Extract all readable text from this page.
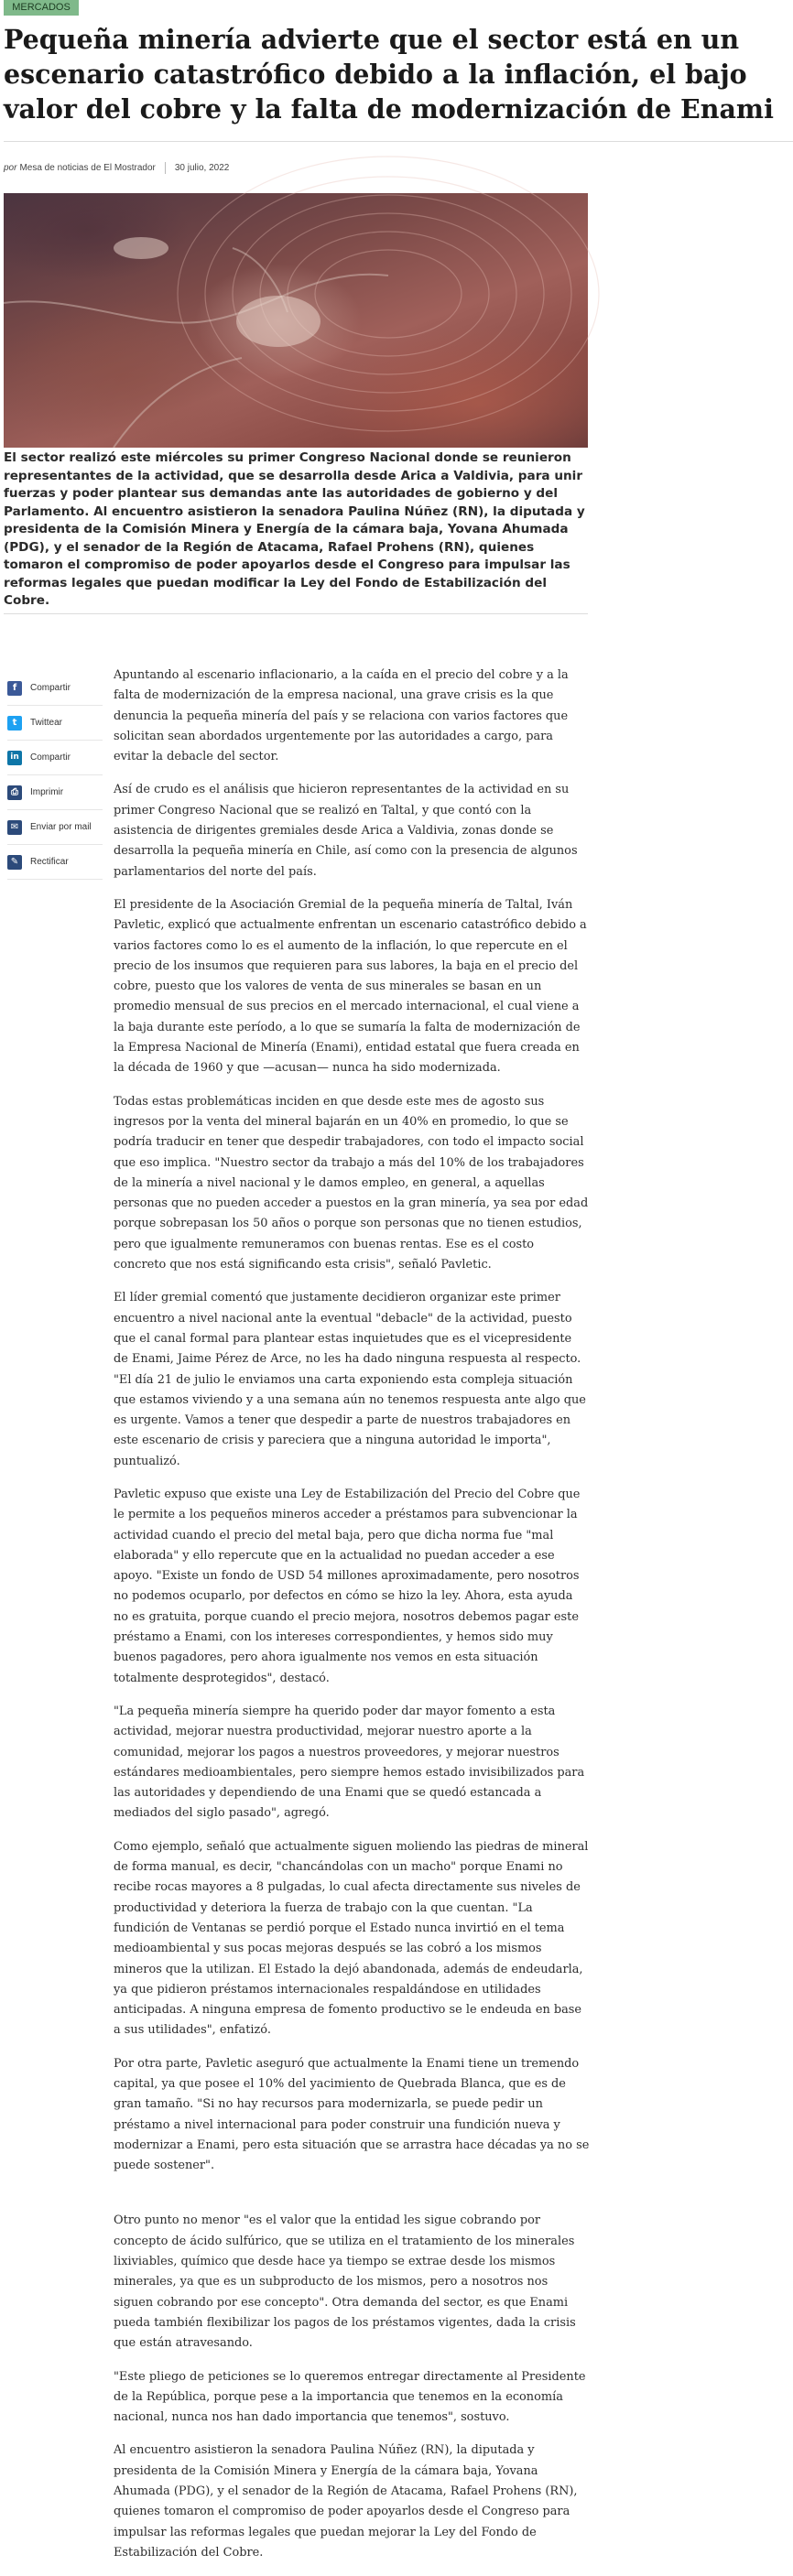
MERCADOS
Pequeña minería advierte que el sector está en un escenario catastrófico debido a la inflación, el bajo valor del cobre y la falta de modernización de Enami
por Mesa de noticias de El Mostrador 30 julio, 2022

El sector realizó este miércoles su primer Congreso Nacional donde se reunieron representantes de la actividad, que se desarrolla desde Arica a Valdivia, para unir fuerzas y poder plantear sus demandas ante las autoridades de gobierno y del Parlamento. Al encuentro asistieron la senadora Paulina Núñez (RN), la diputada y presidenta de la Comisión Minera y Energía de la cámara baja, Yovana Ahumada (PDG), y el senador de la Región de Atacama, Rafael Prohens (RN), quienes tomaron el compromiso de poder apoyarlos desde el Congreso para impulsar las reformas legales que puedan modificar la Ley del Fondo de Estabilización del Cobre.

f	Compartir
t	Twittear
in	Compartir
⎙	Imprimir
✉	Enviar por mail
✎	Rectificar

Apuntando al escenario inflacionario, a la caída en el precio del cobre y a la falta de modernización de la empresa nacional, una grave crisis es la que denuncia la pequeña minería del país y se relaciona con varios factores que solicitan sean abordados urgentemente por las autoridades a cargo, para evitar la debacle del sector.

Así de crudo es el análisis que hicieron representantes de la actividad en su primer Congreso Nacional que se realizó en Taltal, y que contó con la asistencia de dirigentes gremiales desde Arica a Valdivia, zonas donde se desarrolla la pequeña minería en Chile, así como con la presencia de algunos parlamentarios del norte del país.

El presidente de la Asociación Gremial de la pequeña minería de Taltal, Iván Pavletic, explicó que actualmente enfrentan un escenario catastrófico debido a varios factores como lo es el aumento de la inflación, lo que repercute en el precio de los insumos que requieren para sus labores, la baja en el precio del cobre, puesto que los valores de venta de sus minerales se basan en un promedio mensual de sus precios en el mercado internacional, el cual viene a la baja durante este período, a lo que se sumaría la falta de modernización de la Empresa Nacional de Minería (Enami), entidad estatal que fuera creada en la década de 1960 y que —acusan— nunca ha sido modernizada.

Todas estas problemáticas inciden en que desde este mes de agosto sus ingresos por la venta del mineral bajarán en un 40% en promedio, lo que se podría traducir en tener que despedir trabajadores, con todo el impacto social que eso implica. "Nuestro sector da trabajo a más del 10% de los trabajadores de la minería a nivel nacional y le damos empleo, en general, a aquellas personas que no pueden acceder a puestos en la gran minería, ya sea por edad porque sobrepasan los 50 años o porque son personas que no tienen estudios, pero que igualmente remuneramos con buenas rentas. Ese es el costo concreto que nos está significando esta crisis", señaló Pavletic.

El líder gremial comentó que justamente decidieron organizar este primer encuentro a nivel nacional ante la eventual "debacle" de la actividad, puesto que el canal formal para plantear estas inquietudes que es el vicepresidente de Enami, Jaime Pérez de Arce, no les ha dado ninguna respuesta al respecto. "El día 21 de julio le enviamos una carta exponiendo esta compleja situación que estamos viviendo y a una semana aún no tenemos respuesta ante algo que es urgente. Vamos a tener que despedir a parte de nuestros trabajadores en este escenario de crisis y pareciera que a ninguna autoridad le importa", puntualizó.

Pavletic expuso que existe una Ley de Estabilización del Precio del Cobre que le permite a los pequeños mineros acceder a préstamos para subvencionar la actividad cuando el precio del metal baja, pero que dicha norma fue "mal elaborada" y ello repercute que en la actualidad no puedan acceder a ese apoyo. "Existe un fondo de USD 54 millones aproximadamente, pero nosotros no podemos ocuparlo, por defectos en cómo se hizo la ley. Ahora, esta ayuda no es gratuita, porque cuando el precio mejora, nosotros debemos pagar este préstamo a Enami, con los intereses correspondientes, y hemos sido muy buenos pagadores, pero ahora igualmente nos vemos en esta situación totalmente desprotegidos", destacó.

"La pequeña minería siempre ha querido poder dar mayor fomento a esta actividad, mejorar nuestra productividad, mejorar nuestro aporte a la comunidad, mejorar los pagos a nuestros proveedores, y mejorar nuestros estándares medioambientales, pero siempre hemos estado invisibilizados para las autoridades y dependiendo de una Enami que se quedó estancada a mediados del siglo pasado", agregó.

Como ejemplo, señaló que actualmente siguen moliendo las piedras de mineral de forma manual, es decir, "chancándolas con un macho" porque Enami no recibe rocas mayores a 8 pulgadas, lo cual afecta directamente sus niveles de productividad y deteriora la fuerza de trabajo con la que cuentan. "La fundición de Ventanas se perdió porque el Estado nunca invirtió en el tema medioambiental y sus pocas mejoras después se las cobró a los mismos mineros que la utilizan. El Estado la dejó abandonada, además de endeudarla, ya que pidieron préstamos internacionales respaldándose en utilidades anticipadas. A ninguna empresa de fomento productivo se le endeuda en base a sus utilidades", enfatizó.

Por otra parte, Pavletic aseguró que actualmente la Enami tiene un tremendo capital, ya que posee el 10% del yacimiento de Quebrada Blanca, que es de gran tamaño. "Si no hay recursos para modernizarla, se puede pedir un préstamo a nivel internacional para poder construir una fundición nueva y modernizar a Enami, pero esta situación que se arrastra hace décadas ya no se puede sostener".

Otro punto no menor "es el valor que la entidad les sigue cobrando por concepto de ácido sulfúrico, que se utiliza en el tratamiento de los minerales lixiviables, químico que desde hace ya tiempo se extrae desde los mismos minerales, ya que es un subproducto de los mismos, pero a nosotros nos siguen cobrando por ese concepto". Otra demanda del sector, es que Enami pueda también flexibilizar los pagos de los préstamos vigentes, dada la crisis que están atravesando.

"Este pliego de peticiones se lo queremos entregar directamente al Presidente de la República, porque pese a la importancia que tenemos en la economía nacional, nunca nos han dado importancia que tenemos", sostuvo.

Al encuentro asistieron la senadora Paulina Núñez (RN), la diputada y presidenta de la Comisión Minera y Energía de la cámara baja, Yovana Ahumada (PDG), y el senador de la Región de Atacama, Rafael Prohens (RN), quienes tomaron el compromiso de poder apoyarlos desde el Congreso para impulsar las reformas legales que puedan mejorar la Ley del Fondo de Estabilización del Cobre.
